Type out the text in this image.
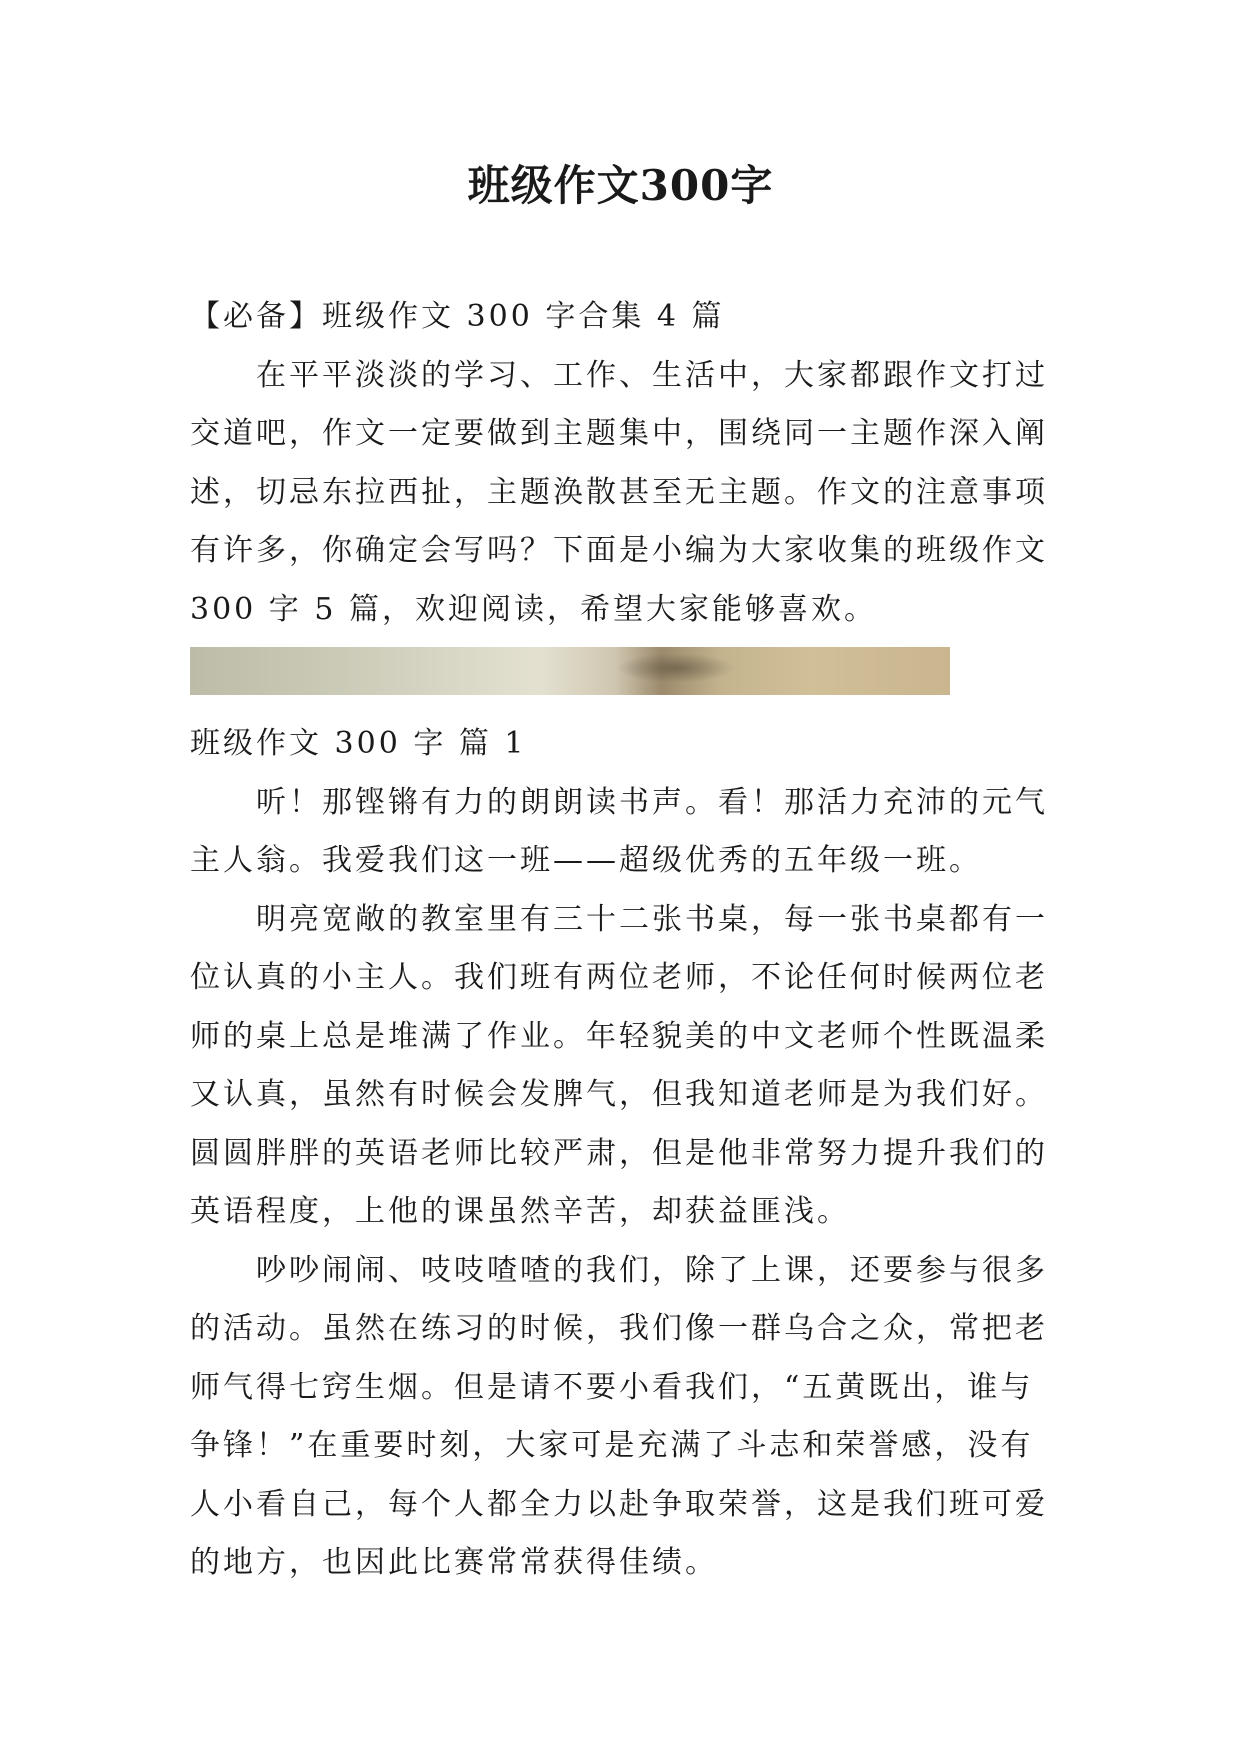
班级作文300字

【必备】班级作文 300 字合集 4 篇

在平平淡淡的学习、工作、生活中，大家都跟作文打过

交道吧，作文一定要做到主题集中，围绕同一主题作深入阐

述，切忌东拉西扯，主题涣散甚至无主题。作文的注意事项

有许多，你确定会写吗？下面是小编为大家收集的班级作文

300 字 5 篇，欢迎阅读，希望大家能够喜欢。

班级作文 300 字 篇 1

听！那铿锵有力的朗朗读书声。看！那活力充沛的元气

主人翁。我爱我们这一班——超级优秀的五年级一班。

明亮宽敞的教室里有三十二张书桌，每一张书桌都有一

位认真的小主人。我们班有两位老师，不论任何时候两位老

师的桌上总是堆满了作业。年轻貌美的中文老师个性既温柔

又认真，虽然有时候会发脾气，但我知道老师是为我们好。

圆圆胖胖的英语老师比较严肃，但是他非常努力提升我们的

英语程度，上他的课虽然辛苦，却获益匪浅。

吵吵闹闹、吱吱喳喳的我们，除了上课，还要参与很多

的活动。虽然在练习的时候，我们像一群乌合之众，常把老

师气得七窍生烟。但是请不要小看我们，“五黄既出，谁与

争锋！”在重要时刻，大家可是充满了斗志和荣誉感，没有

人小看自己，每个人都全力以赴争取荣誉，这是我们班可爱

的地方，也因此比赛常常获得佳绩。
